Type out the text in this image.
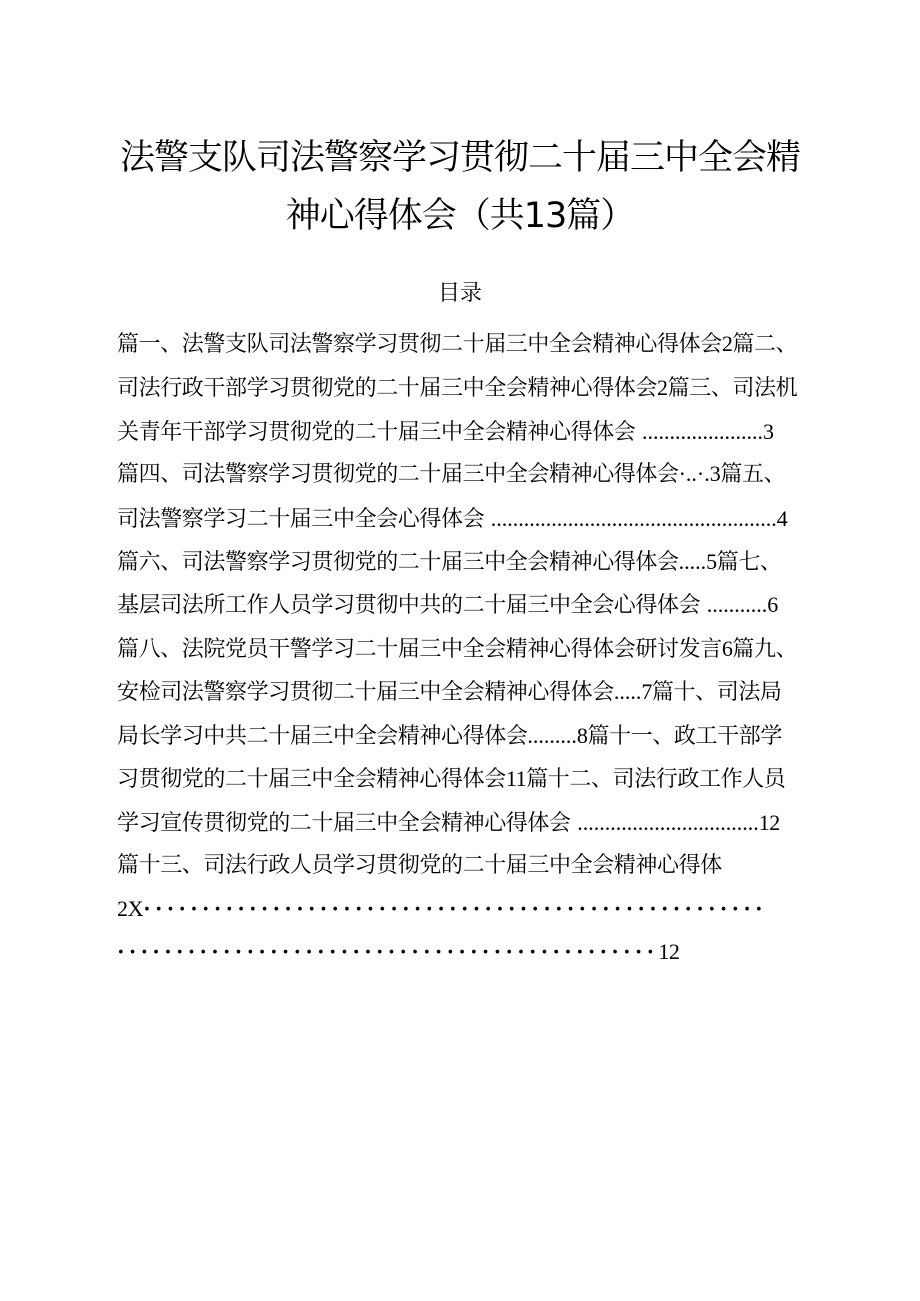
法警支队司法警察学习贯彻二十届三中全会精
神心得体会（共13篇）
目录
篇一、法警支队司法警察学习贯彻二十届三中全会精神心得体会2篇二、
司法行政干部学习贯彻党的二十届三中全会精神心得体会2篇三、司法机
关青年干部学习贯彻党的二十届三中全会精神心得体会 ......................3
篇四、司法警察学习贯彻党的二十届三中全会精神心得体会·..·.3篇五、
司法警察学习二十届三中全会心得体会 ....................................................4
篇六、司法警察学习贯彻党的二十届三中全会精神心得体会.....5篇七、
基层司法所工作人员学习贯彻中共的二十届三中全会心得体会 ...........6
篇八、法院党员干警学习二十届三中全会精神心得体会研讨发言6篇九、
安检司法警察学习贯彻二十届三中全会精神心得体会.....7篇十、司法局
局长学习中共二十届三中全会精神心得体会.........8篇十一、政工干部学
习贯彻党的二十届三中全会精神心得体会11篇十二、司法行政工作人员
学习宣传贯彻党的二十届三中全会精神心得体会 .................................12
篇十三、司法行政人员学习贯彻党的二十届三中全会精神心得体
2X•••••••••••••••••••••••••••••••••••••••••••••••••••••
••••••••••••••••••••••••••••••••••••••••••••••12
